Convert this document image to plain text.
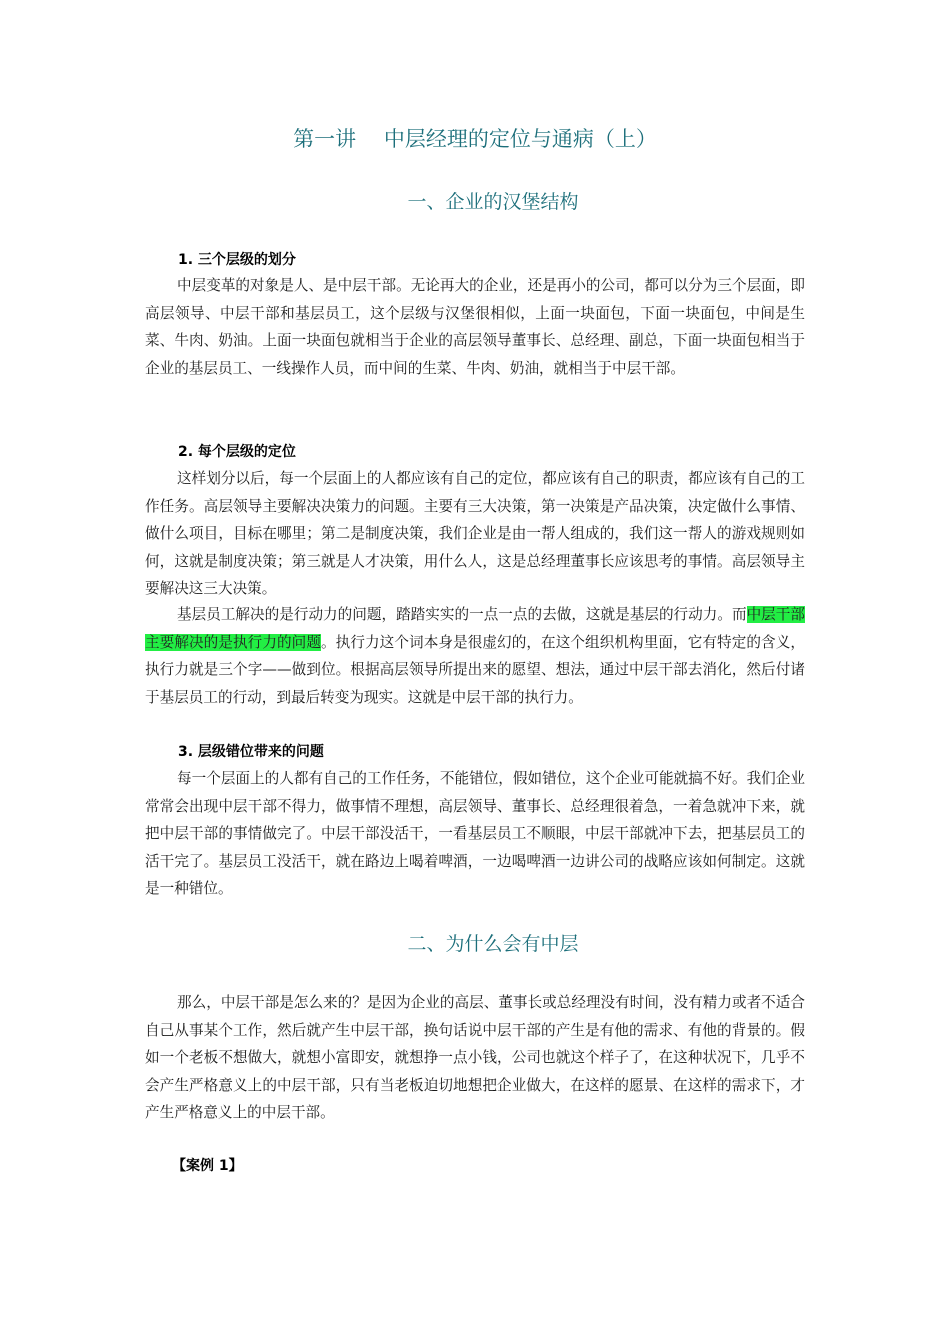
第一讲　 中层经理的定位与通病（上）
一、企业的汉堡结构
1. 三个层级的划分

中层变革的对象是人、是中层干部。无论再大的企业，还是再小的公司，都可以分为三个层面，即高层领导、中层干部和基层员工，这个层级与汉堡很相似，上面一块面包，下面一块面包，中间是生菜、牛肉、奶油。上面一块面包就相当于企业的高层领导董事长、总经理、副总，下面一块面包相当于企业的基层员工、一线操作人员，而中间的生菜、牛肉、奶油，就相当于中层干部。

2. 每个层级的定位

这样划分以后，每一个层面上的人都应该有自己的定位，都应该有自己的职责，都应该有自己的工作任务。高层领导主要解决决策力的问题。主要有三大决策，第一决策是产品决策，决定做什么事情、做什么项目，目标在哪里；第二是制度决策，我们企业是由一帮人组成的，我们这一帮人的游戏规则如何，这就是制度决策；第三就是人才决策，用什么人，这是总经理董事长应该思考的事情。高层领导主要解决这三大决策。

基层员工解决的是行动力的问题，踏踏实实的一点一点的去做，这就是基层的行动力。而中层干部主要解决的是执行力的问题。执行力这个词本身是很虚幻的，在这个组织机构里面，它有特定的含义，执行力就是三个字——做到位。根据高层领导所提出来的愿望、想法，通过中层干部去消化，然后付诸于基层员工的行动，到最后转变为现实。这就是中层干部的执行力。

3. 层级错位带来的问题

每一个层面上的人都有自己的工作任务，不能错位，假如错位，这个企业可能就搞不好。我们企业常常会出现中层干部不得力，做事情不理想，高层领导、董事长、总经理很着急，一着急就冲下来，就把中层干部的事情做完了。中层干部没活干，一看基层员工不顺眼，中层干部就冲下去，把基层员工的活干完了。基层员工没活干，就在路边上喝着啤酒，一边喝啤酒一边讲公司的战略应该如何制定。这就是一种错位。

二、为什么会有中层

那么，中层干部是怎么来的？是因为企业的高层、董事长或总经理没有时间，没有精力或者不适合自己从事某个工作，然后就产生中层干部，换句话说中层干部的产生是有他的需求、有他的背景的。假如一个老板不想做大，就想小富即安，就想挣一点小钱，公司也就这个样子了，在这种状况下，几乎不会产生严格意义上的中层干部，只有当老板迫切地想把企业做大，在这样的愿景、在这样的需求下，才产生严格意义上的中层干部。

【案例 1】
